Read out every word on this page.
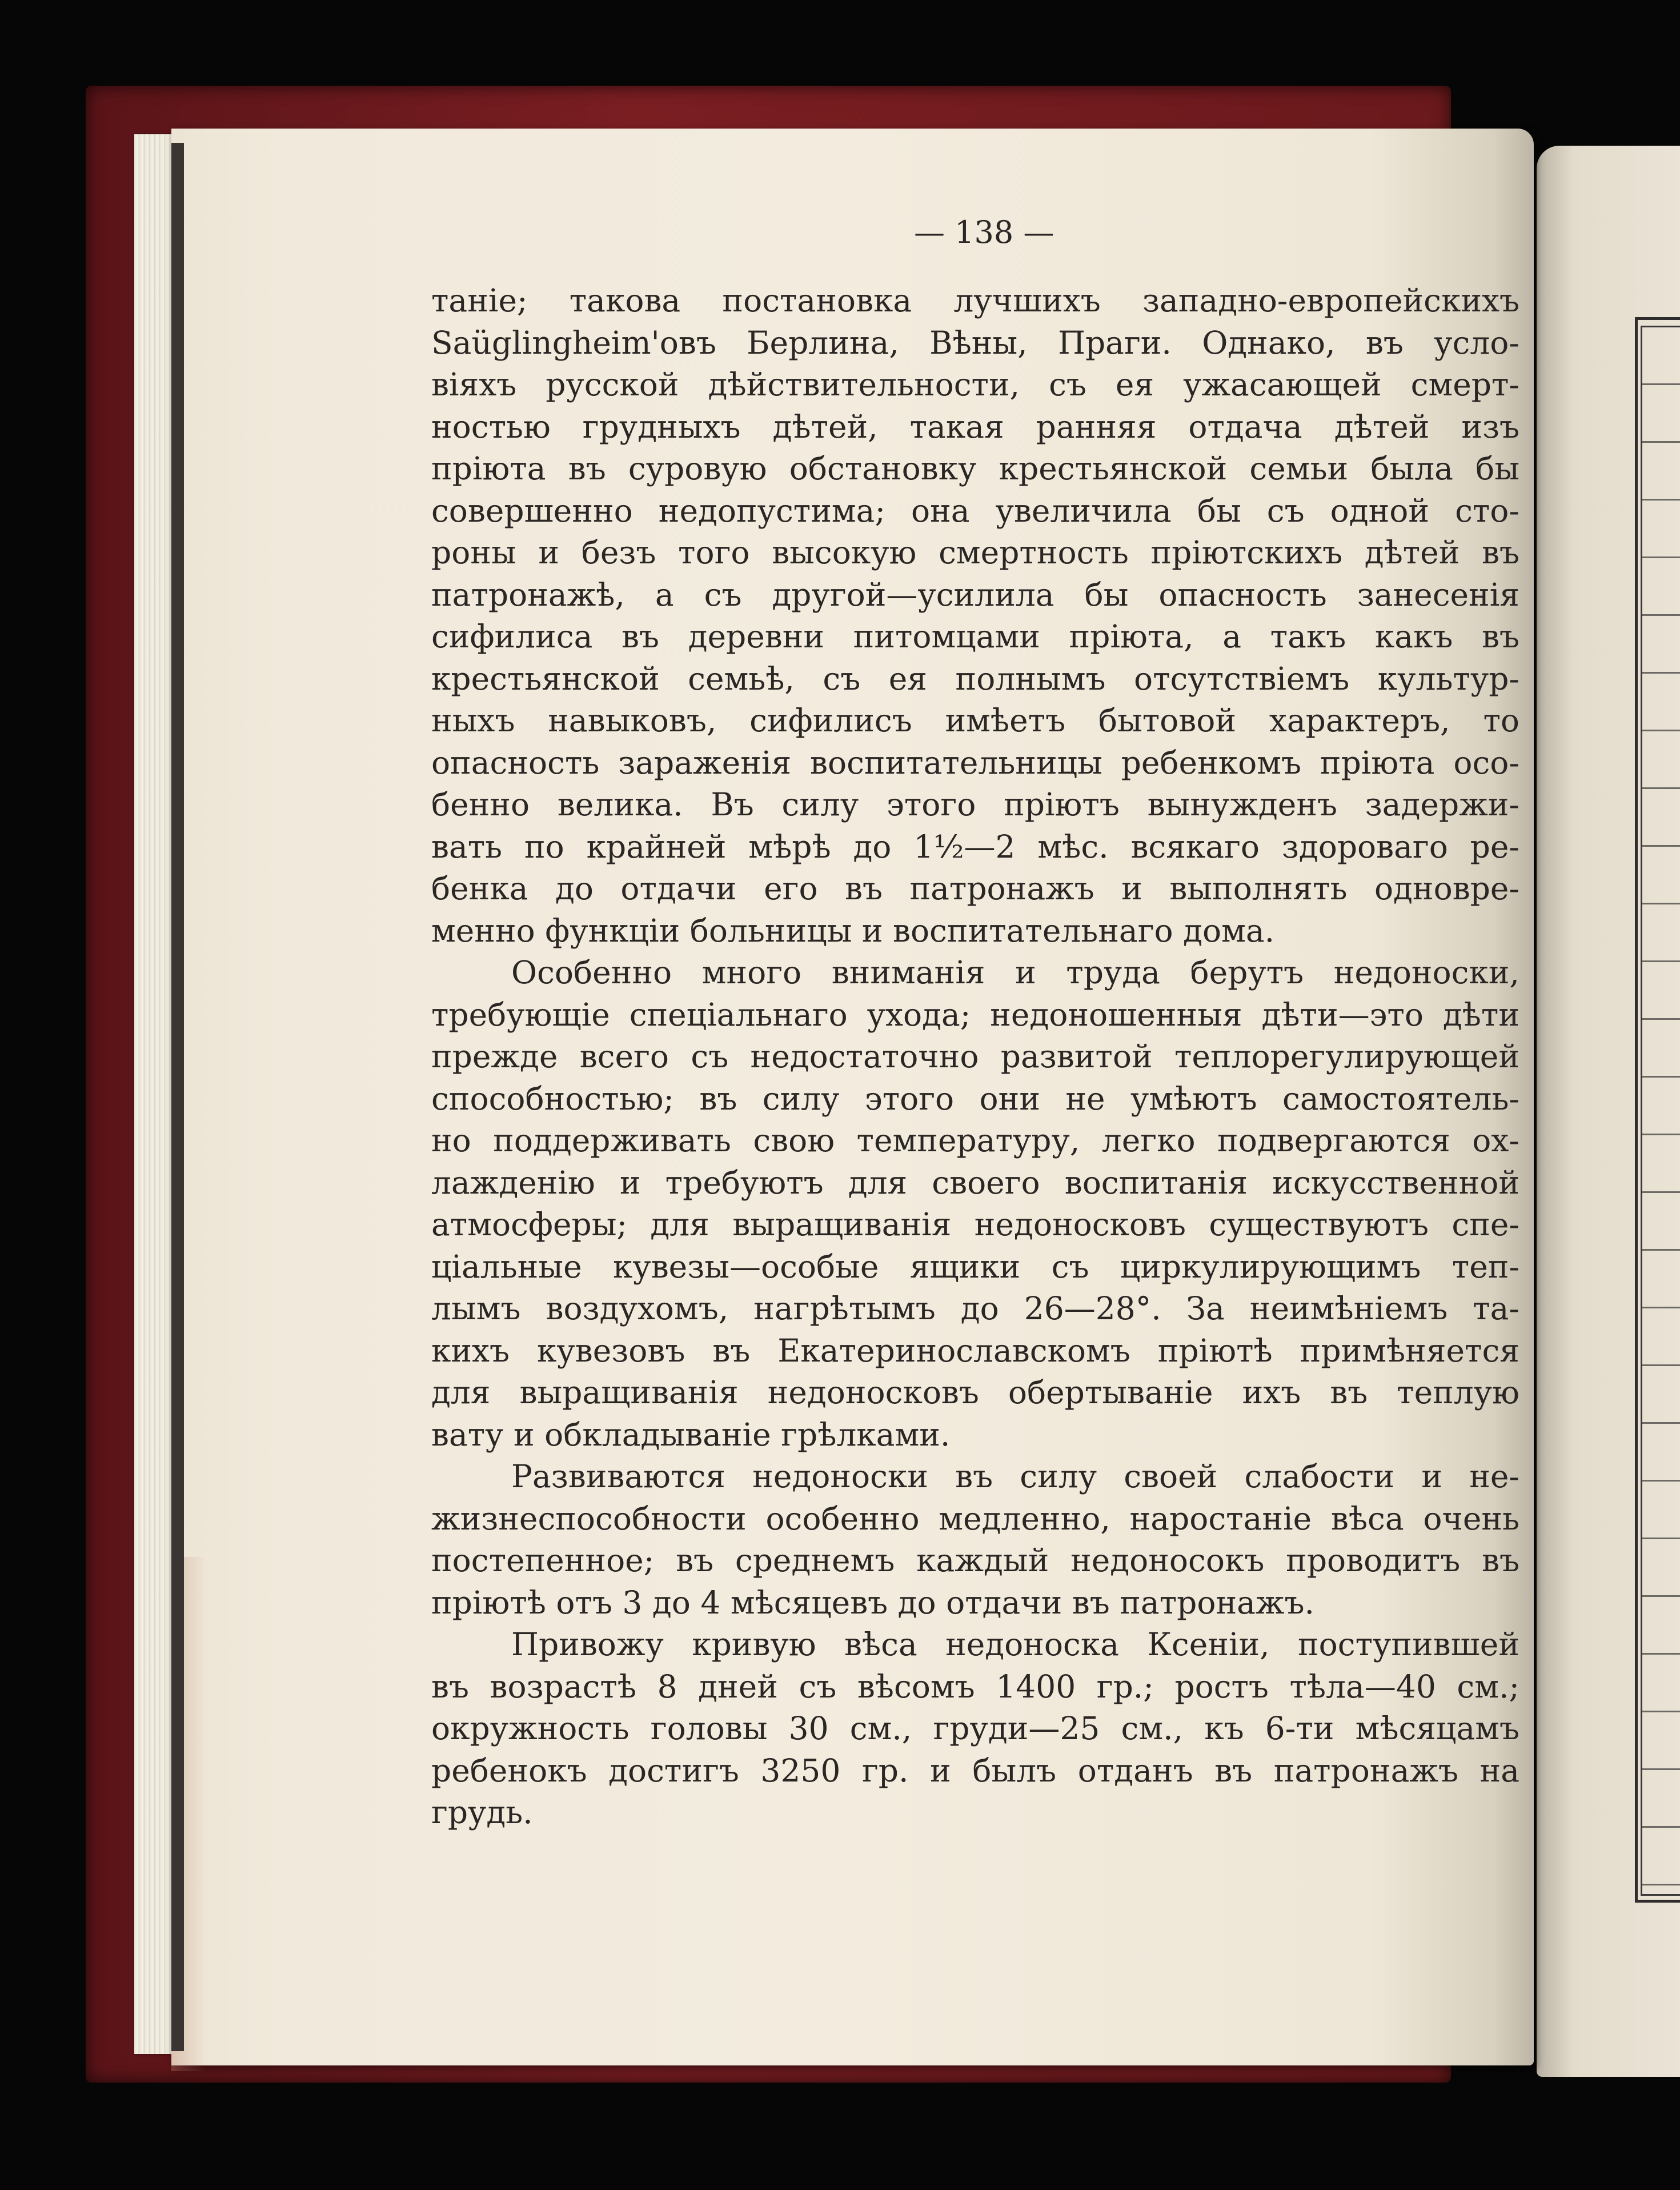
— 138 —
таніе; такова постановка лучшихъ западно-европейскихъ
Saüglingheim'овъ Берлина, Вѣны, Праги. Однако, въ усло-
віяхъ русской дѣйствительности, съ ея ужасающей смерт-
ностью грудныхъ дѣтей, такая ранняя отдача дѣтей изъ
пріюта въ суровую обстановку крестьянской семьи была бы
совершенно недопустима; она увеличила бы съ одной сто-
роны и безъ того высокую смертность пріютскихъ дѣтей въ
патронажѣ, а съ другой—усилила бы опасность занесенія
сифилиса въ деревни питомцами пріюта, а такъ какъ въ
крестьянской семьѣ, съ ея полнымъ отсутствіемъ культур-
ныхъ навыковъ, сифилисъ имѣетъ бытовой характеръ, то
опасность зараженія воспитательницы ребенкомъ пріюта осо-
бенно велика. Въ силу этого пріютъ вынужденъ задержи-
вать по крайней мѣрѣ до 1½—2 мѣс. всякаго здороваго ре-
бенка до отдачи его въ патронажъ и выполнять одновре-
менно функціи больницы и воспитательнаго дома.
Особенно много вниманія и труда берутъ недоноски,
требующіе спеціальнаго ухода; недоношенныя дѣти—это дѣти
прежде всего съ недостаточно развитой теплорегулирующей
способностью; въ силу этого они не умѣютъ самостоятель-
но поддерживать свою температуру, легко подвергаются ох-
лажденію и требуютъ для своего воспитанія искусственной
атмосферы; для выращиванія недоносковъ существуютъ спе-
ціальные кувезы—особые ящики съ циркулирующимъ теп-
лымъ воздухомъ, нагрѣтымъ до 26—28°. За неимѣніемъ та-
кихъ кувезовъ въ Екатеринославскомъ пріютѣ примѣняется
для выращиванія недоносковъ обертываніе ихъ въ теплую
вату и обкладываніе грѣлками.
Развиваются недоноски въ силу своей слабости и не-
жизнеспособности особенно медленно, наростаніе вѣса очень
постепенное; въ среднемъ каждый недоносокъ проводитъ въ
пріютѣ отъ 3 до 4 мѣсяцевъ до отдачи въ патронажъ.
Привожу кривую вѣса недоноска Ксеніи, поступившей
въ возрастѣ 8 дней съ вѣсомъ 1400 гр.; ростъ тѣла—40 см.;
окружность головы 30 см., груди—25 см., къ 6-ти мѣсяцамъ
ребенокъ достигъ 3250 гр. и былъ отданъ въ патронажъ на
грудь.
